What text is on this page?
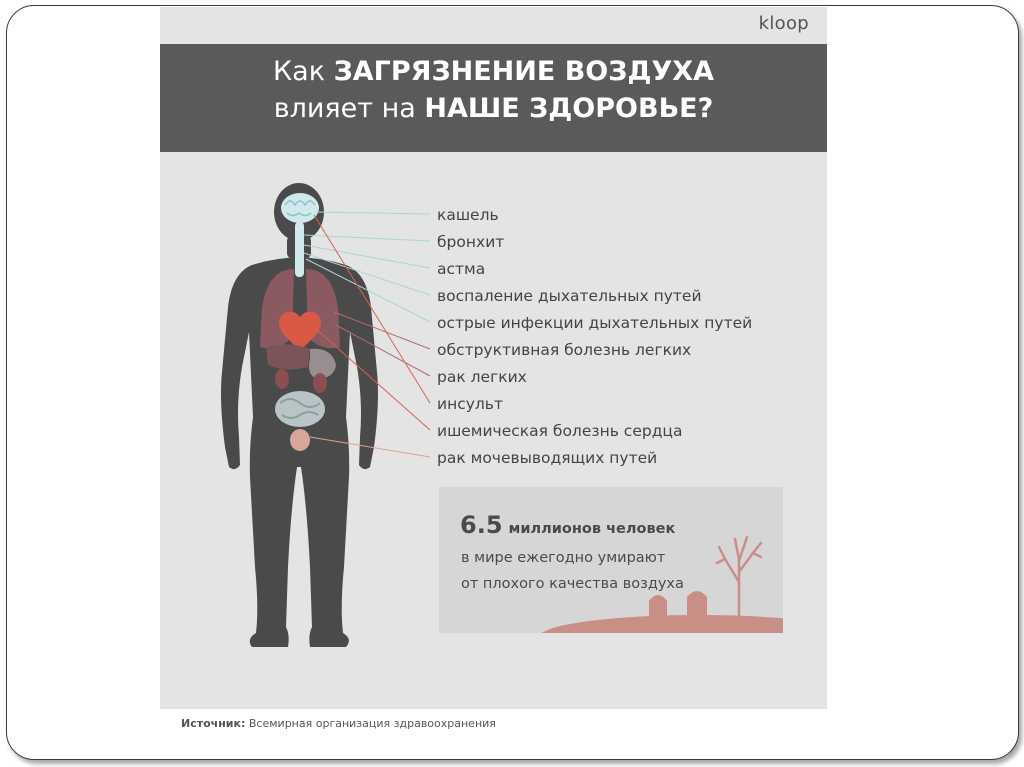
kloop
Как ЗАГРЯЗНЕНИЕ ВОЗДУХА
влияет на НАШЕ ЗДОРОВЬЕ?
кашель
бронхит
астма
воспаление дыхательных путей
острые инфекции дыхательных путей
обструктивная болезнь легких
рак легких
инсульт
ишемическая болезнь сердца
рак мочевыводящих путей

6.5 миллионов человек

в мире ежегодно умирают

от плохого качества воздуха

Источник: Всемирная организация здравоохранения
